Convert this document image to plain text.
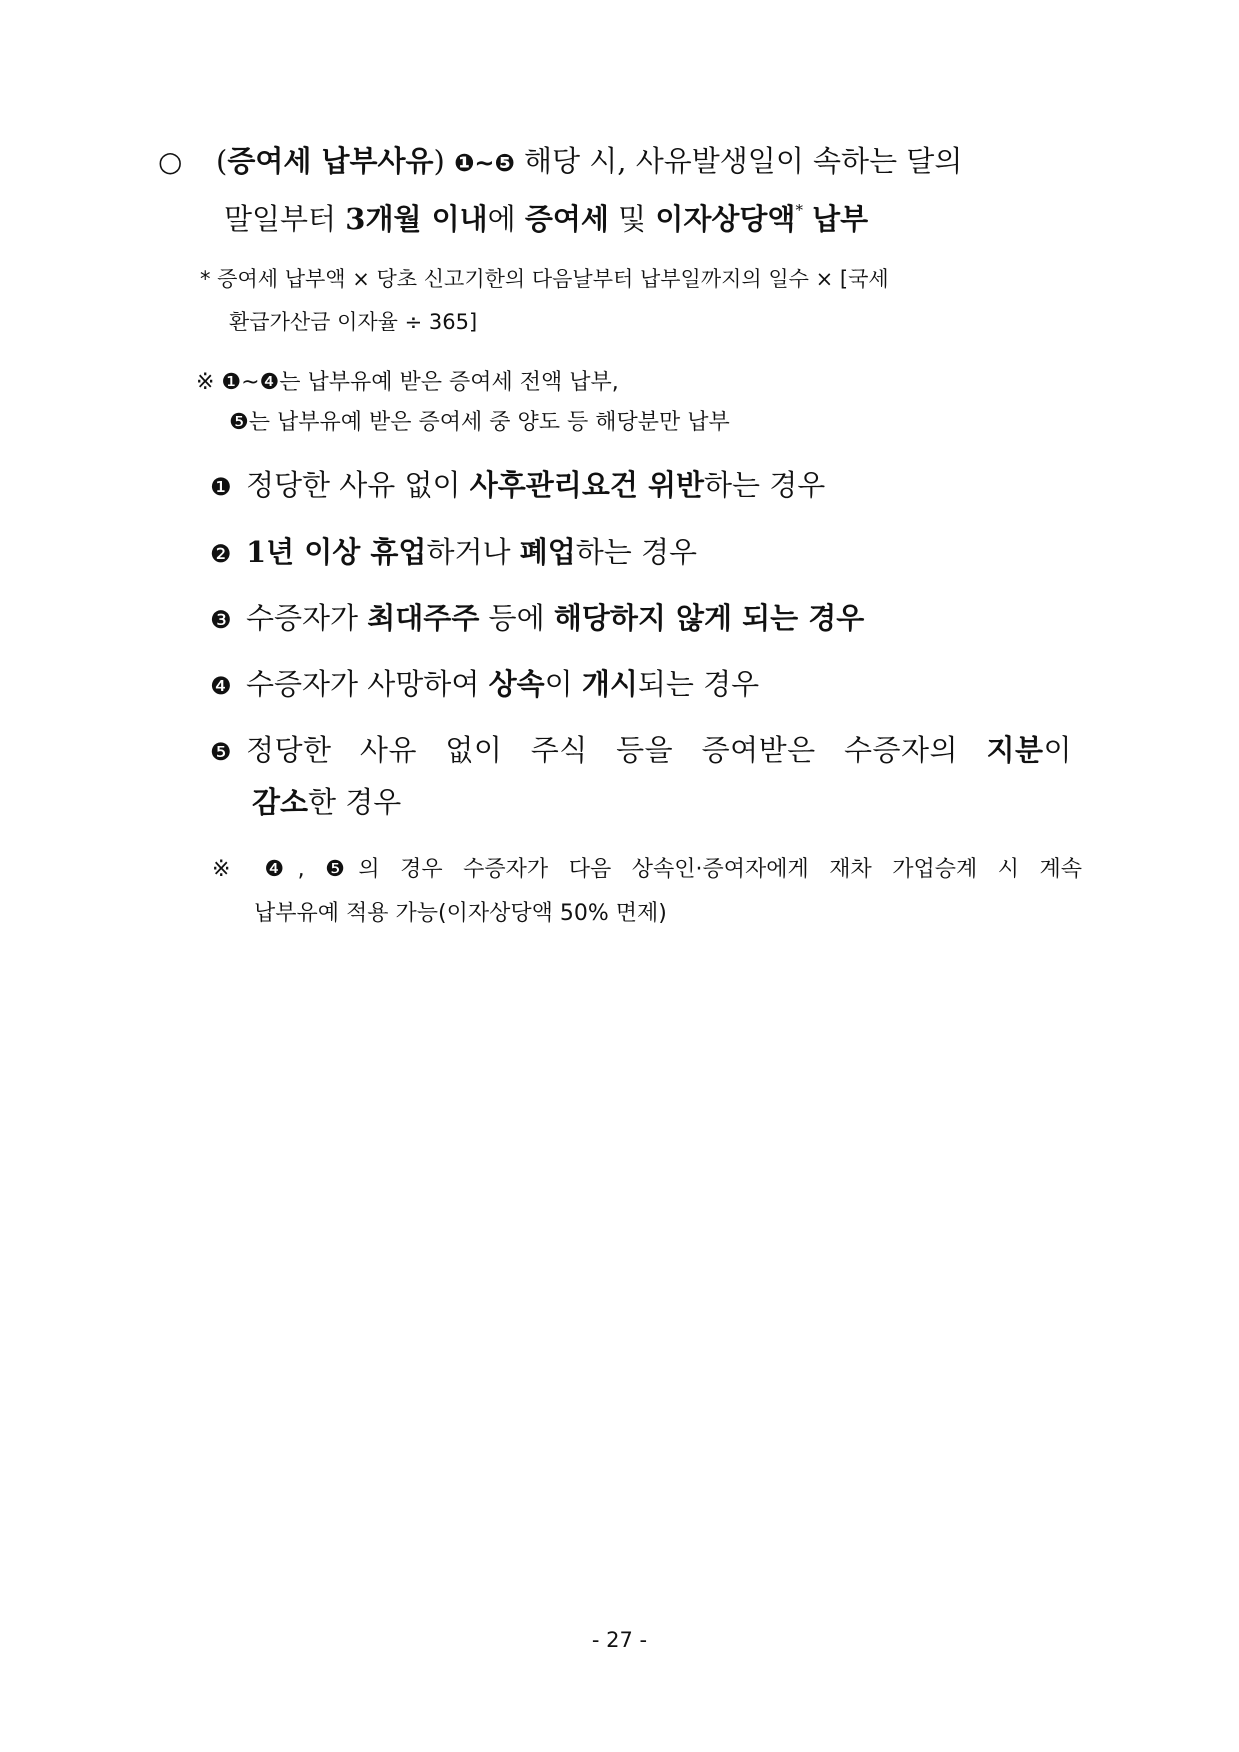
○ (증여세 납부사유) ❶~❺ 해당 시, 사유발생일이 속하는 달의
말일부터 3개월 이내에 증여세 및 이자상당액* 납부
* 증여세 납부액 × 당초 신고기한의 다음날부터 납부일까지의 일수 × [국세
환급가산금 이자율 ÷ 365]
※ ❶~❹는 납부유예 받은 증여세 전액 납부,
❺는 납부유예 받은 증여세 중 양도 등 해당분만 납부
❶ 정당한 사유 없이 사후관리요건 위반하는 경우
❷ 1년 이상 휴업하거나 폐업하는 경우
❸ 수증자가 최대주주 등에 해당하지 않게 되는 경우
❹ 수증자가 사망하여 상속이 개시되는 경우
❺ 정당한 사유 없이 주식 등을 증여받은 수증자의 지분이
감소한 경우
※ ❹, ❺의 경우 수증자가 다음 상속인·증여자에게 재차 가업승계 시 계속
납부유예 적용 가능(이자상당액 50% 면제)
- 27 -
